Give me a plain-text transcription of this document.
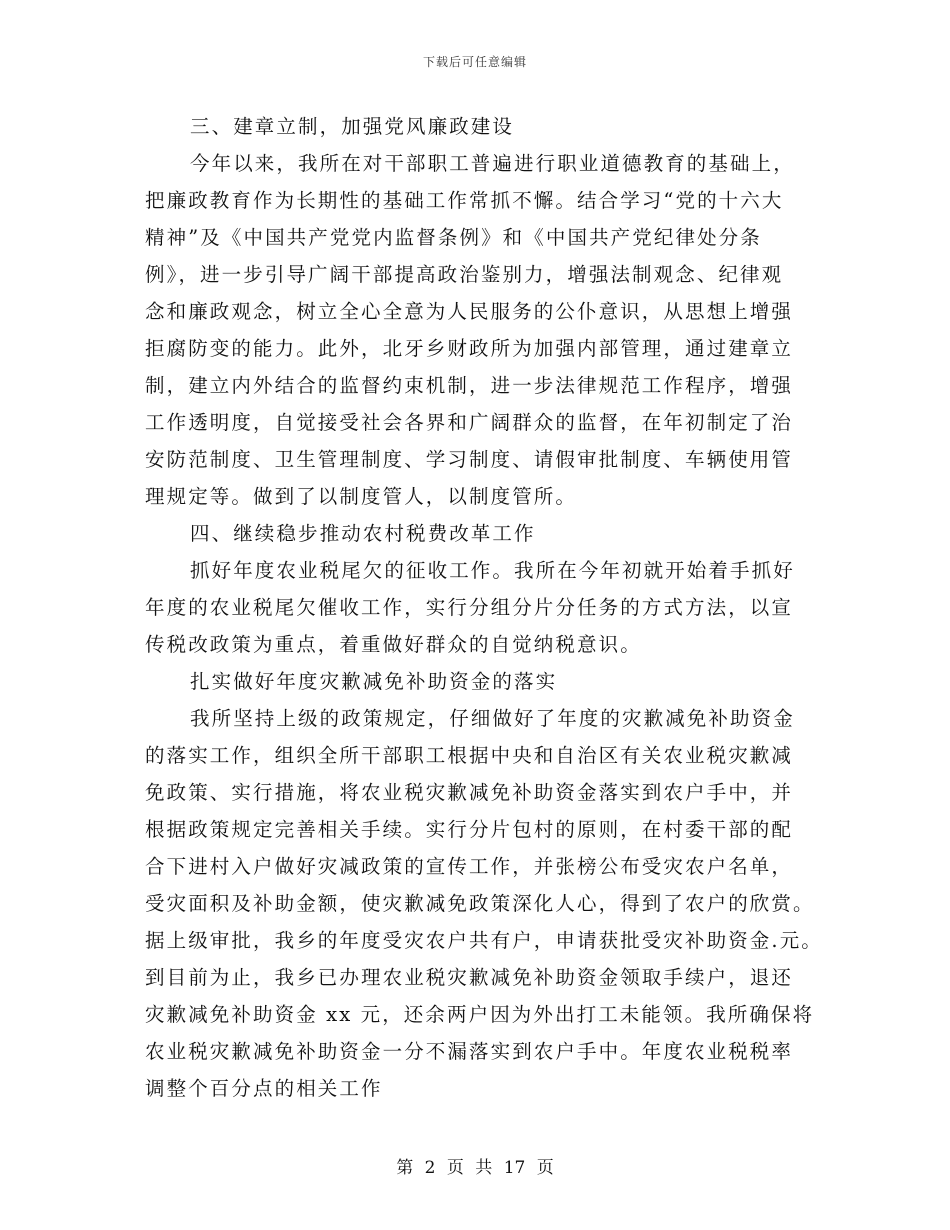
下载后可任意编辑

三、建章立制，加强党风廉政建设

今年以来，我所在对干部职工普遍进行职业道德教育的基础上，

把廉政教育作为长期性的基础工作常抓不懈。结合学习“党的十六大

精神”及《中国共产党党内监督条例》和《中国共产党纪律处分条

例》，进一步引导广阔干部提高政治鉴别力，增强法制观念、纪律观

念和廉政观念，树立全心全意为人民服务的公仆意识，从思想上增强

拒腐防变的能力。此外，北牙乡财政所为加强内部管理，通过建章立

制，建立内外结合的监督约束机制，进一步法律规范工作程序，增强

工作透明度，自觉接受社会各界和广阔群众的监督，在年初制定了治

安防范制度、卫生管理制度、学习制度、请假审批制度、车辆使用管

理规定等。做到了以制度管人，以制度管所。

四、继续稳步推动农村税费改革工作

抓好年度农业税尾欠的征收工作。我所在今年初就开始着手抓好

年度的农业税尾欠催收工作，实行分组分片分任务的方式方法，以宣

传税改政策为重点，着重做好群众的自觉纳税意识。

扎实做好年度灾歉减免补助资金的落实

我所坚持上级的政策规定，仔细做好了年度的灾歉减免补助资金

的落实工作，组织全所干部职工根据中央和自治区有关农业税灾歉减

免政策、实行措施，将农业税灾歉减免补助资金落实到农户手中，并

根据政策规定完善相关手续。实行分片包村的原则，在村委干部的配

合下进村入户做好灾减政策的宣传工作，并张榜公布受灾农户名单，

受灾面积及补助金额，使灾歉减免政策深化人心，得到了农户的欣赏。

据上级审批，我乡的年度受灾农户共有户，申请获批受灾补助资金.元。

到目前为止，我乡已办理农业税灾歉减免补助资金领取手续户，退还

灾歉减免补助资金 xx 元，还余两户因为外出打工未能领。我所确保将

农业税灾歉减免补助资金一分不漏落实到农户手中。年度农业税税率

调整个百分点的相关工作

第 2 页 共 17 页
